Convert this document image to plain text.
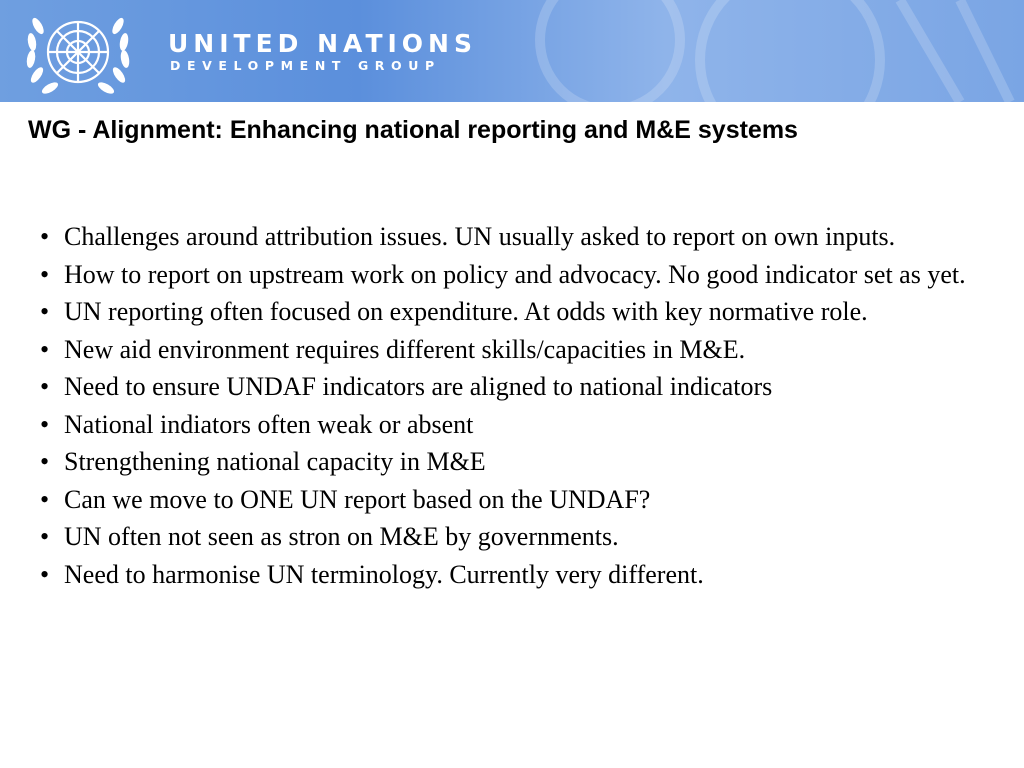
UNITED NATIONS
DEVELOPMENT GROUP
WG - Alignment: Enhancing national reporting and M&E systems
• Challenges around attribution issues. UN usually asked to report on own inputs.
• How to report on upstream work on policy and advocacy. No good indicator set as yet.
• UN reporting often focused on expenditure. At odds with key normative role.
• New aid environment requires different skills/capacities in M&E.
• Need to ensure UNDAF indicators are aligned to national indicators
• National indiators often weak or absent
• Strengthening national capacity in M&E
• Can we move to ONE UN report based on the UNDAF?
• UN often not seen as stron on M&E by governments.
• Need to harmonise UN terminology. Currently very different.
